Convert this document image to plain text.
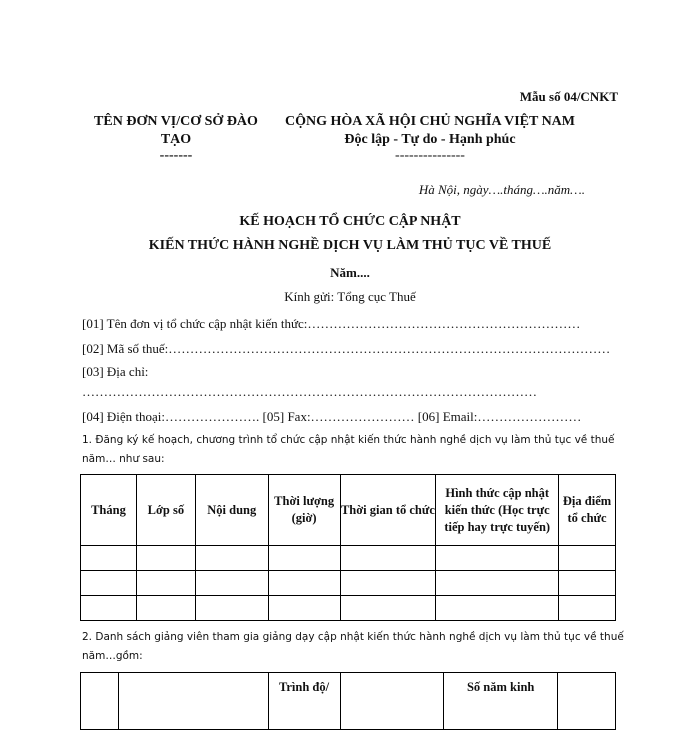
Mẫu số 04/CNKT
TÊN ĐƠN VỊ/CƠ SỞ ĐÀO
TẠO
-------
CỘNG HÒA XÃ HỘI CHỦ NGHĨA VIỆT NAM
Độc lập - Tự do - Hạnh phúc
---------------
Hà Nội, ngày….tháng….năm….
KẾ HOẠCH TỔ CHỨC CẬP NHẬT
KIẾN THỨC HÀNH NGHỀ DỊCH VỤ LÀM THỦ TỤC VỀ THUẾ
Năm....
Kính gửi: Tổng cục Thuế
[01] Tên đơn vị tổ chức cập nhật kiến thức:………………………………………………………
[02] Mã số thuế:…………………………………………………………………………………………
[03] Địa chỉ:
……………………………………………………………………………………………
[04] Điện thoại:…………………. [05] Fax:…………………… [06] Email:……………………
1. Đăng ký kế hoạch, chương trình tổ chức cập nhật kiến thức hành nghề dịch vụ làm thủ tục về thuế
năm… như sau:
Tháng	Lớp số	Nội dung	Thời lượng (giờ)	Thời gian tổ chức	Hình thức cập nhật kiến thức (Học trực tiếp hay trực tuyến)	Địa điểm tổ chức

2. Danh sách giảng viên tham gia giảng dạy cập nhật kiến thức hành nghề dịch vụ làm thủ tục về thuế
năm…gồm:
		Trình độ/		Số năm kinh	
